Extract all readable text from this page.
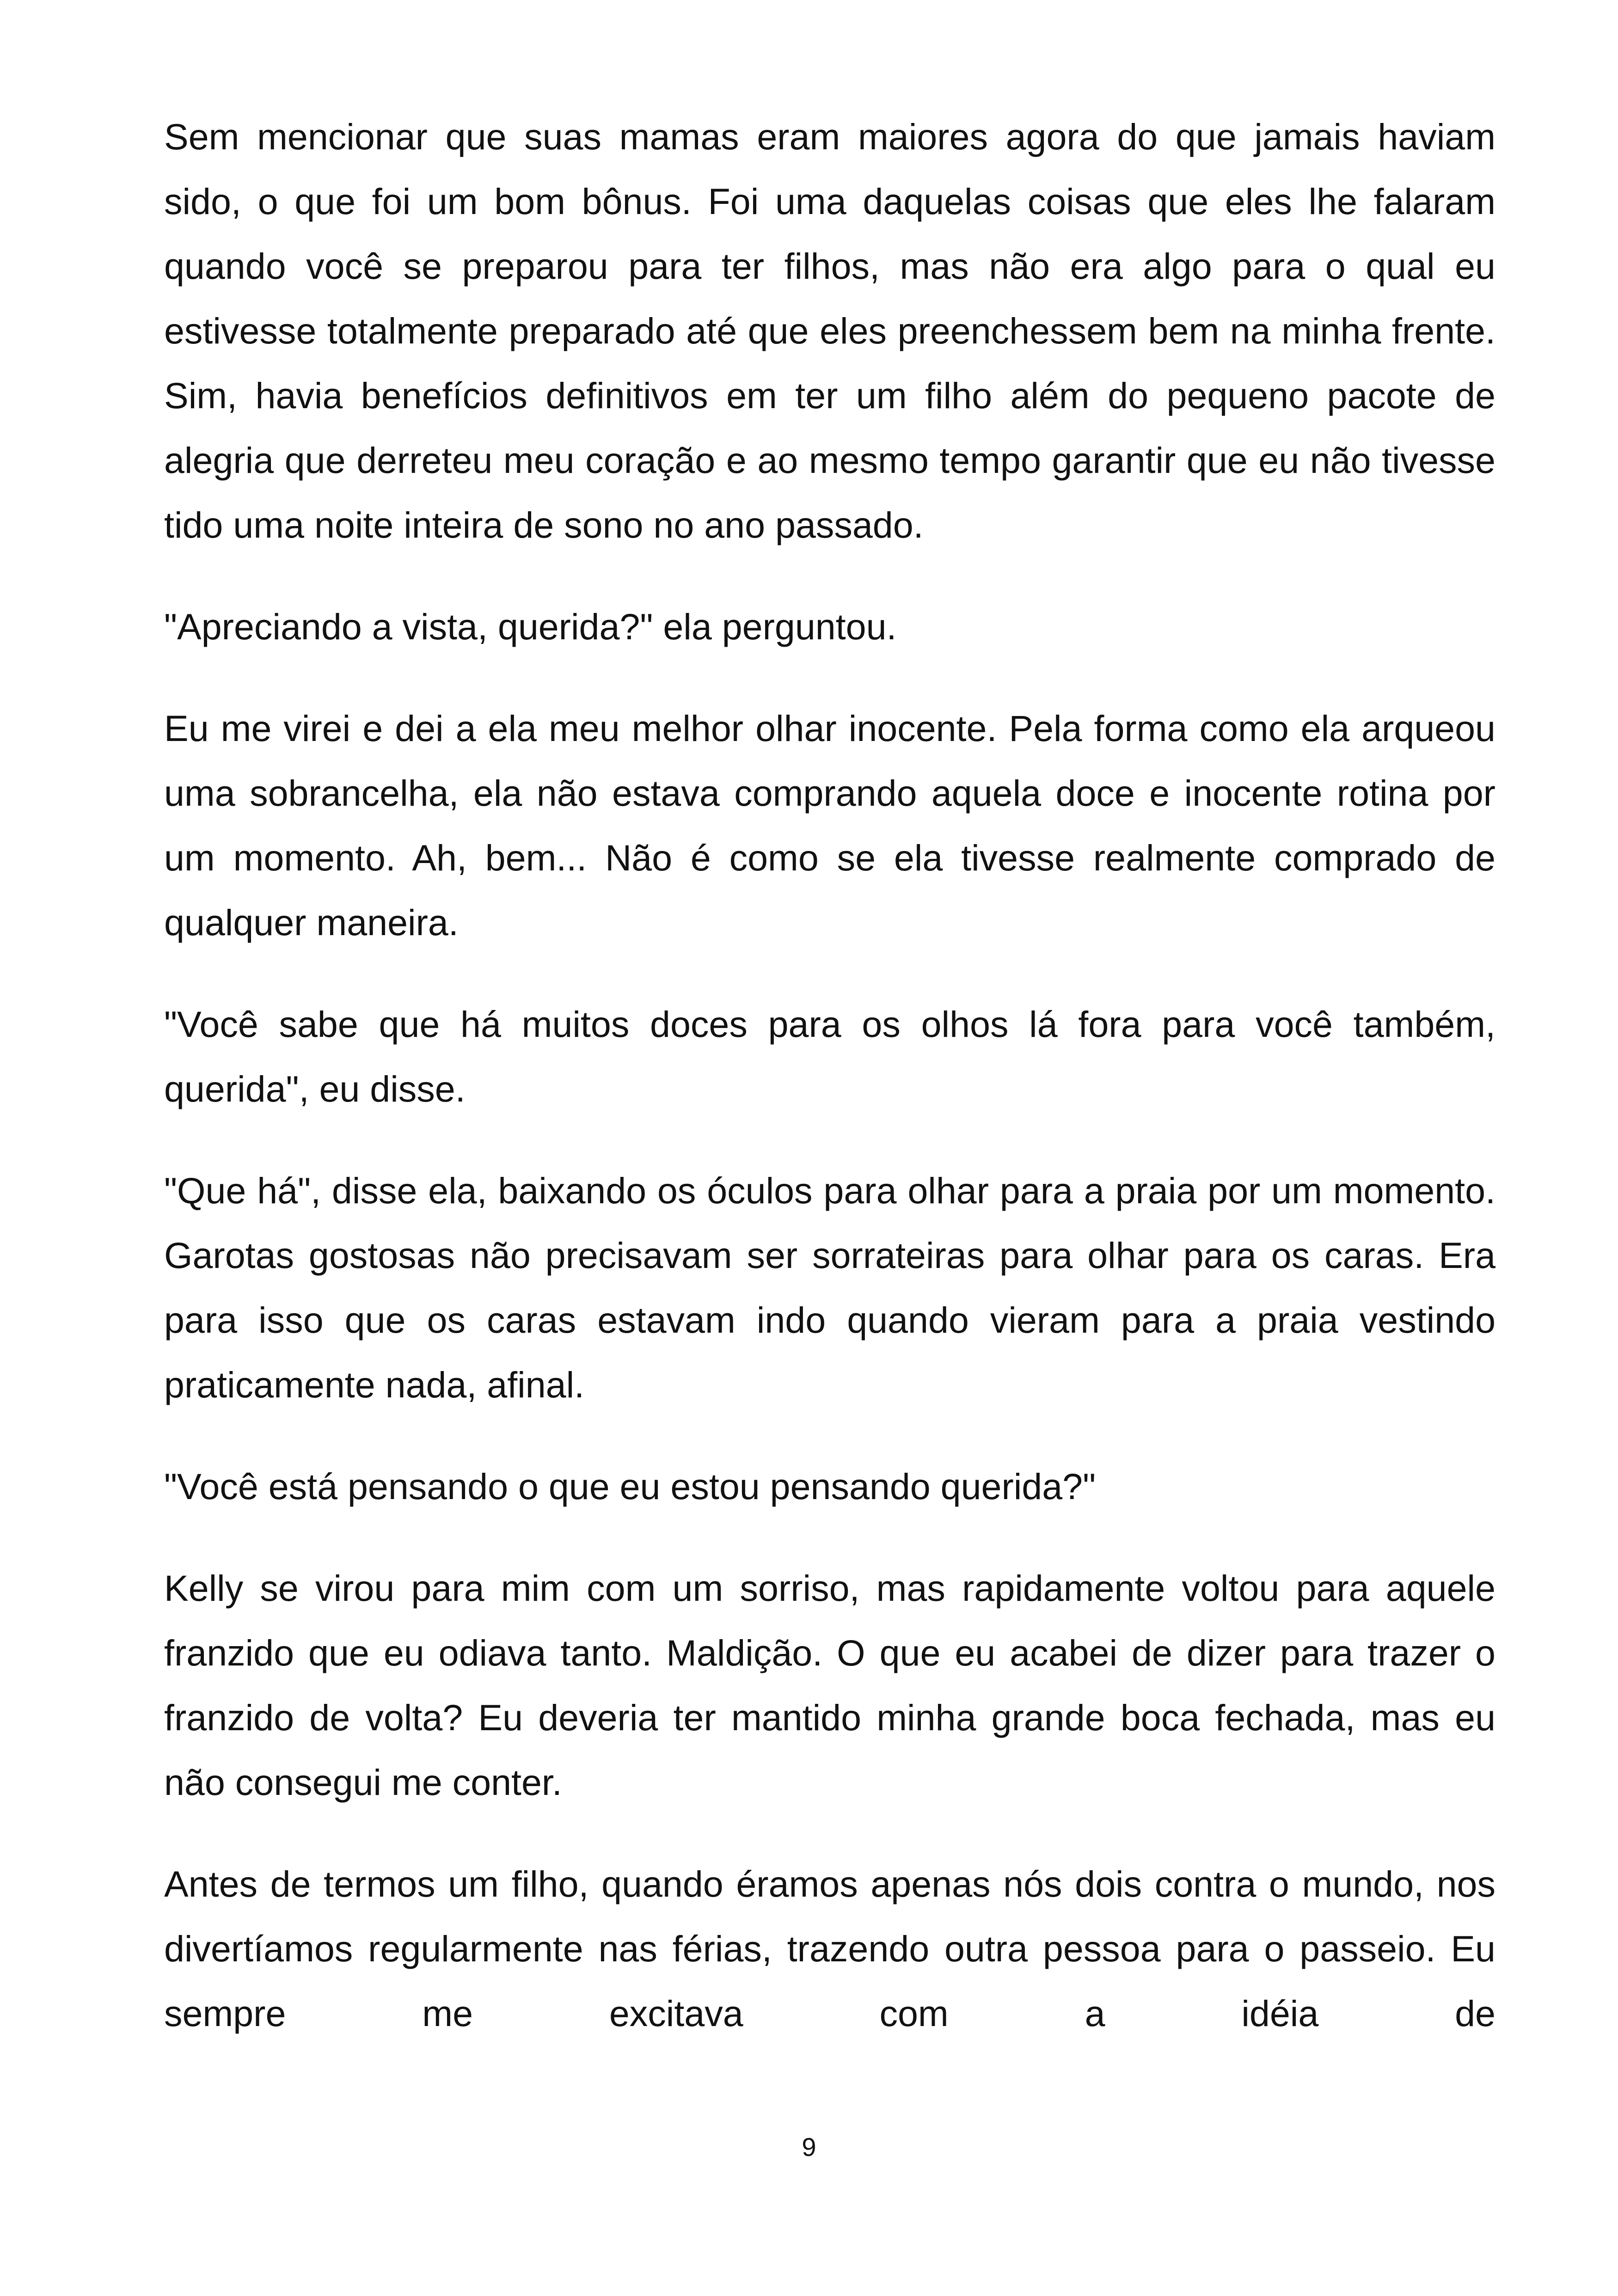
Sem mencionar que suas mamas eram maiores agora do que jamais haviam sido, o que foi um bom bônus. Foi uma daquelas coisas que eles lhe falaram quando você se preparou para ter filhos, mas não era algo para o qual eu estivesse totalmente preparado até que eles preenchessem bem na minha frente. Sim, havia benefícios definitivos em ter um filho além do pequeno pacote de alegria que derreteu meu coração e ao mesmo tempo garantir que eu não tivesse tido uma noite inteira de sono no ano passado.

"Apreciando a vista, querida?" ela perguntou.

Eu me virei e dei a ela meu melhor olhar inocente. Pela forma como ela arqueou uma sobrancelha, ela não estava comprando aquela doce e inocente rotina por um momento. Ah, bem... Não é como se ela tivesse realmente comprado de qualquer maneira.

"Você sabe que há muitos doces para os olhos lá fora para você também, querida", eu disse.

"Que há", disse ela, baixando os óculos para olhar para a praia por um momento. Garotas gostosas não precisavam ser sorrateiras para olhar para os caras. Era para isso que os caras estavam indo quando vieram para a praia vestindo praticamente nada, afinal.

"Você está pensando o que eu estou pensando querida?"

Kelly se virou para mim com um sorriso, mas rapidamente voltou para aquele franzido que eu odiava tanto. Maldição. O que eu acabei de dizer para trazer o franzido de volta? Eu deveria ter mantido minha grande boca fechada, mas eu não consegui me conter.

Antes de termos um filho, quando éramos apenas nós dois contra o mundo, nos divertíamos regularmente nas férias, trazendo outra pessoa para o passeio. Eu sempre me excitava com a idéia de

9
